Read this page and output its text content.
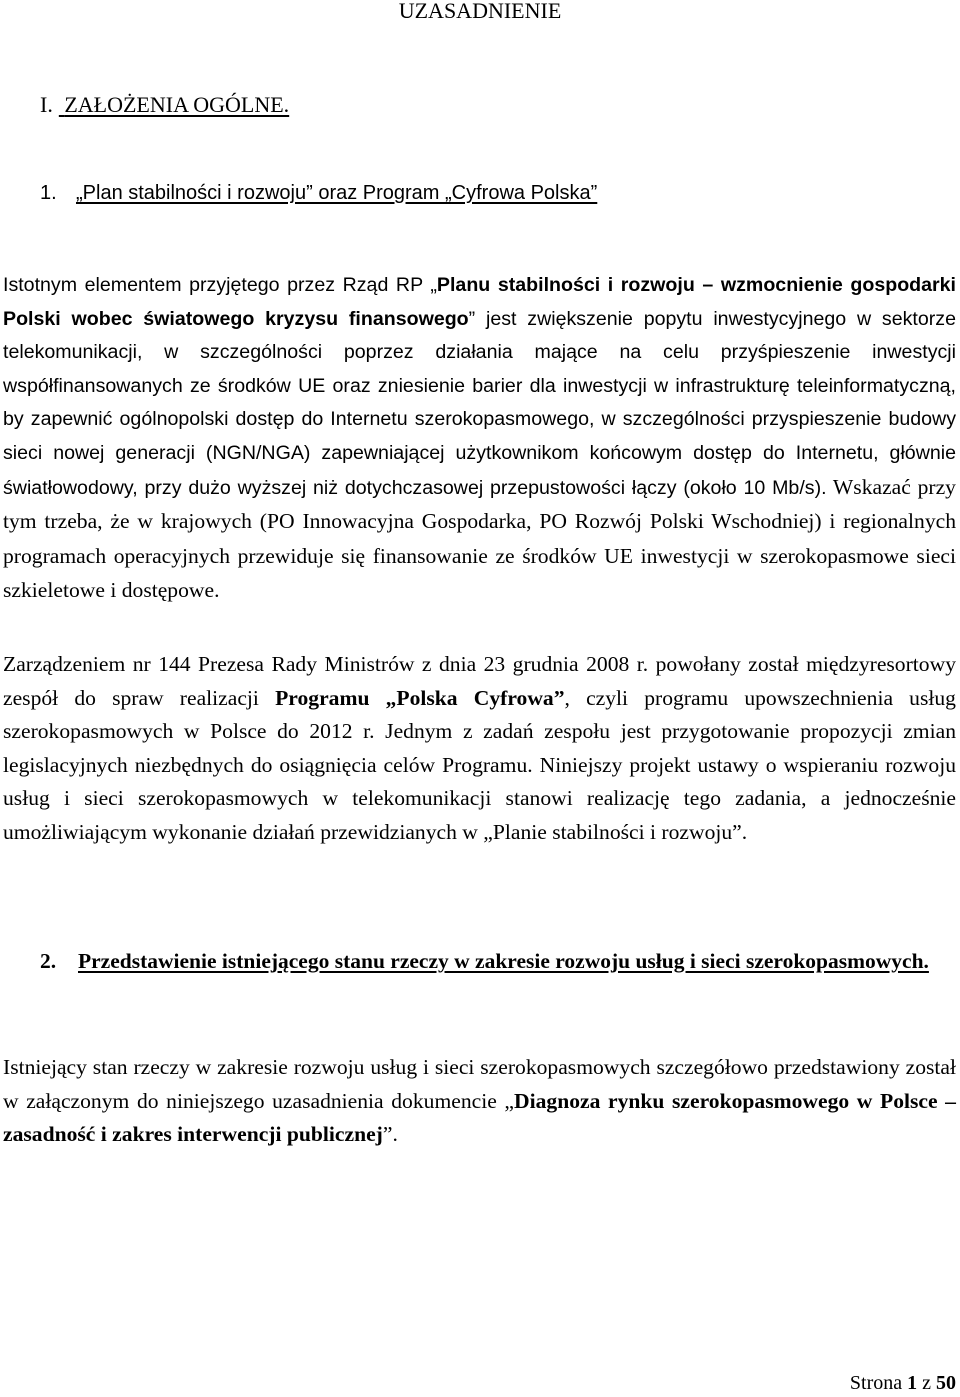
UZASADNIENIE
I. ZAŁOŻENIA OGÓLNE.
1. „Plan stabilności i rozwoju” oraz Program „Cyfrowa Polska”

Istotnym elementem przyjętego przez Rząd RP „Planu stabilności i rozwoju – wzmocnienie gospodarki Polski wobec światowego kryzysu finansowego” jest zwiększenie popytu inwestycyjnego w sektorze telekomunikacji, w szczególności poprzez działania mające na celu przyśpieszenie inwestycji współfinansowanych ze środków UE oraz zniesienie barier dla inwestycji w infrastrukturę teleinformatyczną, by zapewnić ogólnopolski dostęp do Internetu szerokopasmowego, w szczególności przyspieszenie budowy sieci nowej generacji (NGN/NGA) zapewniającej użytkownikom końcowym dostęp do Internetu, głównie światłowodowy, przy dużo wyższej niż dotychczasowej przepustowości łączy (około 10 Mb/s). Wskazać przy tym trzeba, że w krajowych (PO Innowacyjna Gospodarka, PO Rozwój Polski Wschodniej) i regionalnych programach operacyjnych przewiduje się finansowanie ze środków UE inwestycji w szerokopasmowe sieci szkieletowe i dostępowe.

Zarządzeniem nr 144 Prezesa Rady Ministrów z dnia 23 grudnia 2008 r. powołany został międzyresortowy zespół do spraw realizacji Programu „Polska Cyfrowa”, czyli programu upowszechnienia usług szerokopasmowych w Polsce do 2012 r. Jednym z zadań zespołu jest przygotowanie propozycji zmian legislacyjnych niezbędnych do osiągnięcia celów Programu. Niniejszy projekt ustawy o wspieraniu rozwoju usług i sieci szerokopasmowych w telekomunikacji stanowi realizację tego zadania, a jednocześnie umożliwiającym wykonanie działań przewidzianych w „Planie stabilności i rozwoju”.

2.	Przedstawienie istniejącego stanu rzeczy w zakresie rozwoju usług i sieci szerokopasmowych.

Istniejący stan rzeczy w zakresie rozwoju usług i sieci szerokopasmowych szczegółowo przedstawiony został w załączonym do niniejszego uzasadnienia dokumencie „Diagnoza rynku szerokopasmowego w Polsce – zasadność i zakres interwencji publicznej”.

Strona 1 z 50
